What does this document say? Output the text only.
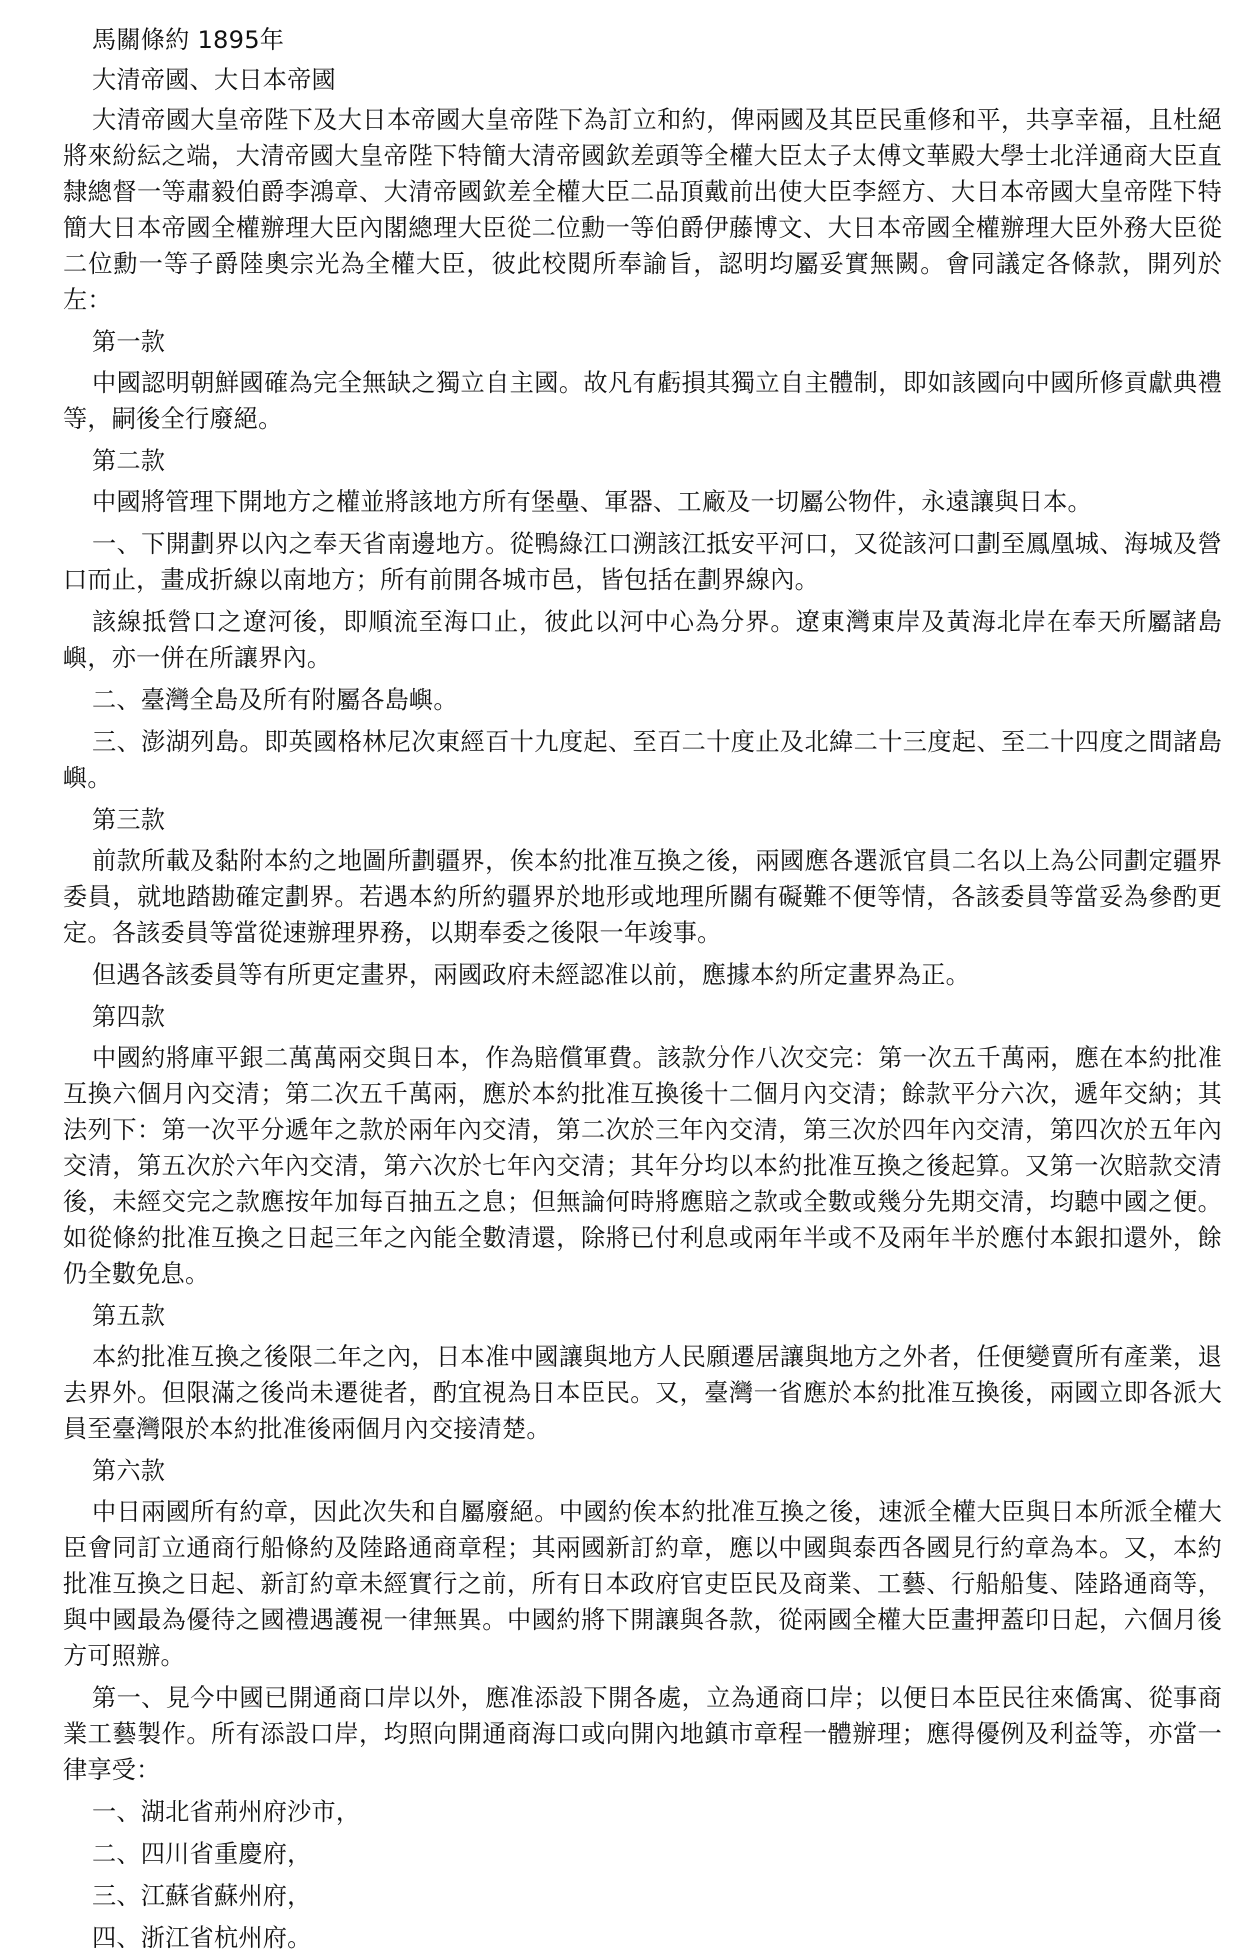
馬關條約 1895年

大清帝國、大日本帝國

大清帝國大皇帝陛下及大日本帝國大皇帝陛下為訂立和約，俾兩國及其臣民重修和平，共享幸福，且杜絕將來紛紜之端，大清帝國大皇帝陛下特簡大清帝國欽差頭等全權大臣太子太傅文華殿大學士北洋通商大臣直隸總督一等肅毅伯爵李鴻章、大清帝國欽差全權大臣二品頂戴前出使大臣李經方、大日本帝國大皇帝陛下特簡大日本帝國全權辦理大臣內閣總理大臣從二位勳一等伯爵伊藤博文、大日本帝國全權辦理大臣外務大臣從二位勳一等子爵陸奧宗光為全權大臣，彼此校閱所奉諭旨，認明均屬妥實無闕。會同議定各條款，開列於左：

第一款

中國認明朝鮮國確為完全無缺之獨立自主國。故凡有虧損其獨立自主體制，即如該國向中國所修貢獻典禮等，嗣後全行廢絕。

第二款

中國將管理下開地方之權並將該地方所有堡壘、軍器、工廠及一切屬公物件，永遠讓與日本。

一、下開劃界以內之奉天省南邊地方。從鴨綠江口溯該江抵安平河口，又從該河口劃至鳳凰城、海城及營口而止，畫成折線以南地方；所有前開各城市邑，皆包括在劃界線內。

該線抵營口之遼河後，即順流至海口止，彼此以河中心為分界。遼東灣東岸及黃海北岸在奉天所屬諸島嶼，亦一併在所讓界內。

二、臺灣全島及所有附屬各島嶼。

三、澎湖列島。即英國格林尼次東經百十九度起、至百二十度止及北緯二十三度起、至二十四度之間諸島嶼。

第三款

前款所載及黏附本約之地圖所劃疆界，俟本約批准互換之後，兩國應各選派官員二名以上為公同劃定疆界委員，就地踏勘確定劃界。若遇本約所約疆界於地形或地理所關有礙難不便等情，各該委員等當妥為參酌更定。各該委員等當從速辦理界務，以期奉委之後限一年竣事。

但遇各該委員等有所更定畫界，兩國政府未經認准以前，應據本約所定畫界為正。

第四款

中國約將庫平銀二萬萬兩交與日本，作為賠償軍費。該款分作八次交完：第一次五千萬兩，應在本約批准互換六個月內交清；第二次五千萬兩，應於本約批准互換後十二個月內交清；餘款平分六次，遞年交納；其法列下：第一次平分遞年之款於兩年內交清，第二次於三年內交清，第三次於四年內交清，第四次於五年內交清，第五次於六年內交清，第六次於七年內交清；其年分均以本約批准互換之後起算。又第一次賠款交清後，未經交完之款應按年加每百抽五之息；但無論何時將應賠之款或全數或幾分先期交清，均聽中國之便。如從條約批准互換之日起三年之內能全數清還，除將已付利息或兩年半或不及兩年半於應付本銀扣還外，餘仍全數免息。

第五款

本約批准互換之後限二年之內，日本准中國讓與地方人民願遷居讓與地方之外者，任便變賣所有產業，退去界外。但限滿之後尚未遷徙者，酌宜視為日本臣民。又，臺灣一省應於本約批准互換後，兩國立即各派大員至臺灣限於本約批准後兩個月內交接清楚。

第六款

中日兩國所有約章，因此次失和自屬廢絕。中國約俟本約批准互換之後，速派全權大臣與日本所派全權大臣會同訂立通商行船條約及陸路通商章程；其兩國新訂約章，應以中國與泰西各國見行約章為本。又，本約批准互換之日起、新訂約章未經實行之前，所有日本政府官吏臣民及商業、工藝、行船船隻、陸路通商等，與中國最為優待之國禮遇護視一律無異。中國約將下開讓與各款，從兩國全權大臣畫押蓋印日起，六個月後方可照辦。

第一、見今中國已開通商口岸以外，應准添設下開各處，立為通商口岸；以便日本臣民往來僑寓、從事商業工藝製作。所有添設口岸，均照向開通商海口或向開內地鎮市章程一體辦理；應得優例及利益等，亦當一律享受：

一、湖北省荊州府沙市，

二、四川省重慶府，

三、江蘇省蘇州府，

四、浙江省杭州府。
